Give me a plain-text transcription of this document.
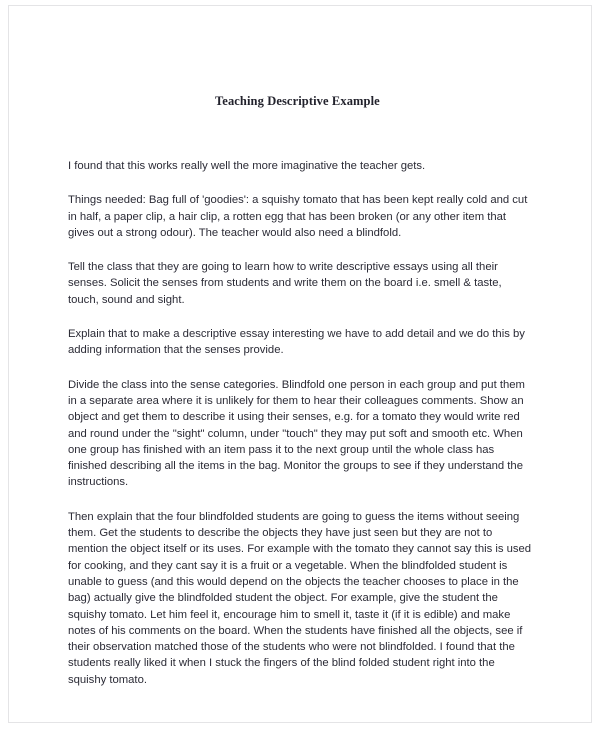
Teaching Descriptive Example

I found that this works really well the more imaginative the teacher gets.

Things needed: Bag full of 'goodies': a squishy tomato that has been kept really cold and cut in half, a paper clip, a hair clip, a rotten egg that has been broken (or any other item that gives out a strong odour). The teacher would also need a blindfold.

Tell the class that they are going to learn how to write descriptive essays using all their senses. Solicit the senses from students and write them on the board i.e. smell & taste, touch, sound and sight.

Explain that to make a descriptive essay interesting we have to add detail and we do this by adding information that the senses provide.

Divide the class into the sense categories. Blindfold one person in each group and put them in a separate area where it is unlikely for them to hear their colleagues comments. Show an object and get them to describe it using their senses, e.g. for a tomato they would write red and round under the "sight" column, under "touch" they may put soft and smooth etc. When one group has finished with an item pass it to the next group until the whole class has finished describing all the items in the bag. Monitor the groups to see if they understand the instructions.

Then explain that the four blindfolded students are going to guess the items without seeing them. Get the students to describe the objects they have just seen but they are not to mention the object itself or its uses. For example with the tomato they cannot say this is used for cooking, and they cant say it is a fruit or a vegetable. When the blindfolded student is unable to guess (and this would depend on the objects the teacher chooses to place in the bag) actually give the blindfolded student the object. For example, give the student the squishy tomato. Let him feel it, encourage him to smell it, taste it (if it is edible) and make notes of his comments on the board. When the students have finished all the objects, see if their observation matched those of the students who were not blindfolded. I found that the students really liked it when I stuck the fingers of the blind folded student right into the squishy tomato.
